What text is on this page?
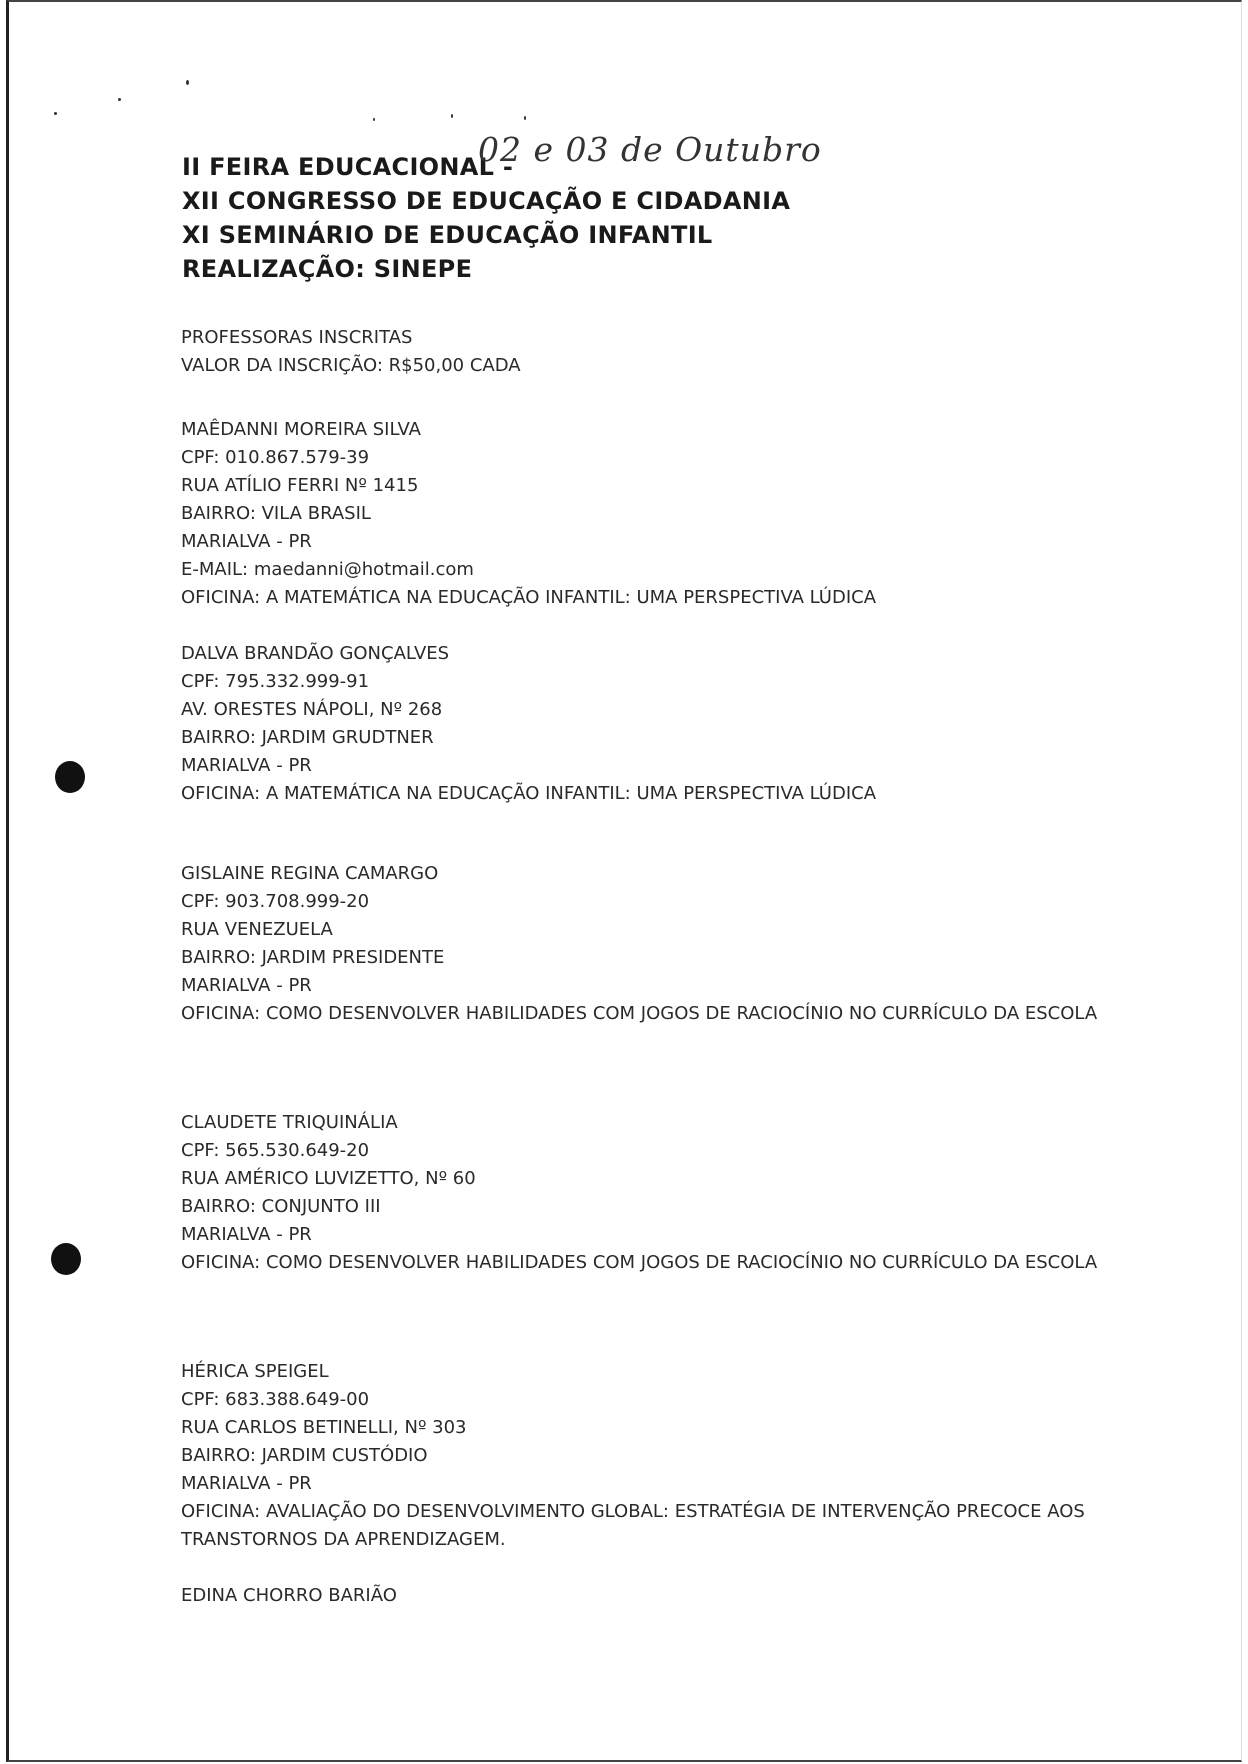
II FEIRA EDUCACIONAL -
XII CONGRESSO DE EDUCAÇÃO E CIDADANIA
XI SEMINÁRIO DE EDUCAÇÃO INFANTIL
REALIZAÇÃO: SINEPE
02 e 03 de Outubro
PROFESSORAS INSCRITAS
VALOR DA INSCRIÇÃO: R$50,00 CADA
MAÊDANNI MOREIRA SILVA
CPF: 010.867.579-39
RUA ATÍLIO FERRI Nº 1415
BAIRRO: VILA BRASIL
MARIALVA - PR
E-MAIL: maedanni@hotmail.com
OFICINA: A MATEMÁTICA NA EDUCAÇÃO INFANTIL: UMA PERSPECTIVA LÚDICA
DALVA BRANDÃO GONÇALVES
CPF: 795.332.999-91
AV. ORESTES NÁPOLI, Nº 268
BAIRRO: JARDIM GRUDTNER
MARIALVA - PR
OFICINA: A MATEMÁTICA NA EDUCAÇÃO INFANTIL: UMA PERSPECTIVA LÚDICA
GISLAINE REGINA CAMARGO
CPF: 903.708.999-20
RUA VENEZUELA
BAIRRO: JARDIM PRESIDENTE
MARIALVA - PR
OFICINA: COMO DESENVOLVER HABILIDADES COM JOGOS DE RACIOCÍNIO NO CURRÍCULO DA ESCOLA
CLAUDETE TRIQUINÁLIA
CPF: 565.530.649-20
RUA AMÉRICO LUVIZETTO, Nº 60
BAIRRO: CONJUNTO III
MARIALVA - PR
OFICINA: COMO DESENVOLVER HABILIDADES COM JOGOS DE RACIOCÍNIO NO CURRÍCULO DA ESCOLA
HÉRICA SPEIGEL
CPF: 683.388.649-00
RUA CARLOS BETINELLI, Nº 303
BAIRRO: JARDIM CUSTÓDIO
MARIALVA - PR
OFICINA: AVALIAÇÃO DO DESENVOLVIMENTO GLOBAL: ESTRATÉGIA DE INTERVENÇÃO PRECOCE AOS TRANSTORNOS DA APRENDIZAGEM.
EDINA CHORRO BARIÃO
